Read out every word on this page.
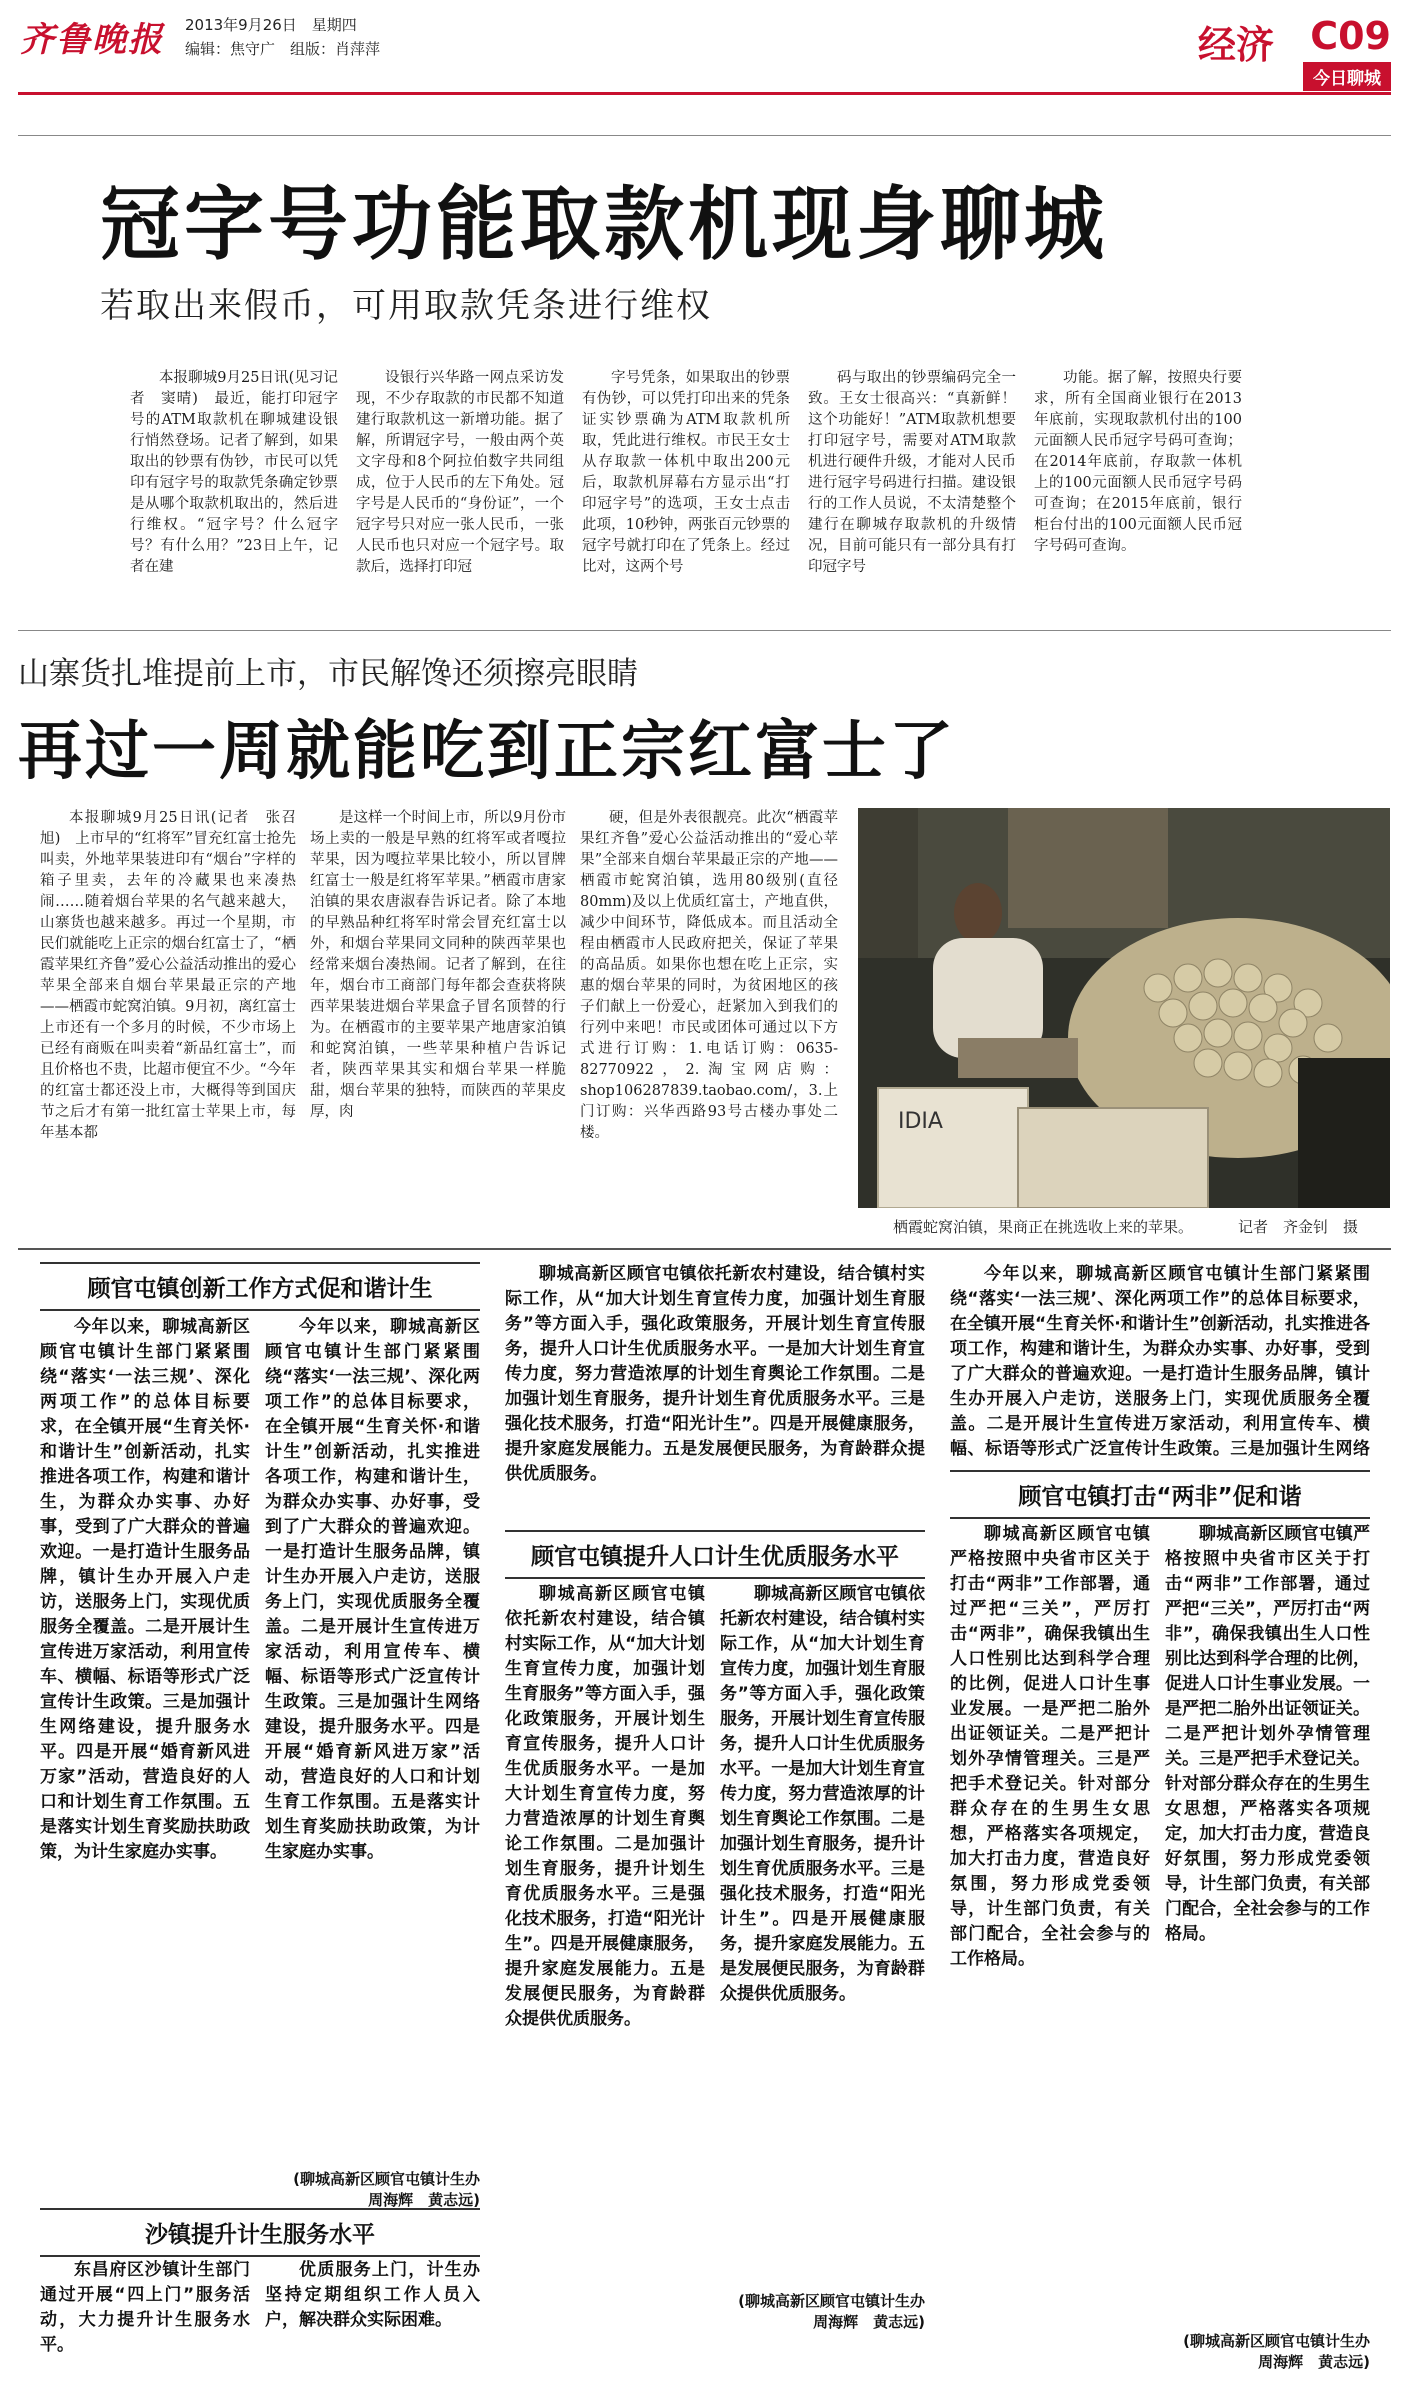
齐鲁晚报 2013年9月26日　星期四
编辑：焦守广　组版：肖萍萍	经济 C09
今日聊城
冠字号功能取款机现身聊城
若取出来假币，可用取款凭条进行维权

本报聊城9月25日讯(见习记者　窦晴)　最近，能打印冠字号的ATM取款机在聊城建设银行悄然登场。记者了解到，如果取出的钞票有伪钞，市民可以凭印有冠字号的取款凭条确定钞票是从哪个取款机取出的，然后进行维权。“冠字号？什么冠字号？有什么用？”23日上午，记者在建

设银行兴华路一网点采访发现，不少存取款的市民都不知道建行取款机这一新增功能。据了解，所谓冠字号，一般由两个英文字母和8个阿拉伯数字共同组成，位于人民币的左下角处。冠字号是人民币的“身份证”，一个冠字号只对应一张人民币，一张人民币也只对应一个冠字号。取款后，选择打印冠

字号凭条，如果取出的钞票有伪钞，可以凭打印出来的凭条证实钞票确为ATM取款机所取，凭此进行维权。市民王女士从存取款一体机中取出200元后，取款机屏幕右方显示出“打印冠字号”的选项，王女士点击此项，10秒钟，两张百元钞票的冠字号就打印在了凭条上。经过比对，这两个号

码与取出的钞票编码完全一致。王女士很高兴：“真新鲜！这个功能好！”ATM取款机想要打印冠字号，需要对ATM取款机进行硬件升级，才能对人民币进行冠字号码进行扫描。建设银行的工作人员说，不太清楚整个建行在聊城存取款机的升级情况，目前可能只有一部分具有打印冠字号

功能。据了解，按照央行要求，所有全国商业银行在2013年底前，实现取款机付出的100元面额人民币冠字号码可查询；在2014年底前，存取款一体机上的100元面额人民币冠字号码可查询；在2015年底前，银行柜台付出的100元面额人民币冠字号码可查询。

山寨货扎堆提前上市，市民解馋还须擦亮眼睛
再过一周就能吃到正宗红富士了

本报聊城9月25日讯(记者　张召旭)　上市早的“红将军”冒充红富士抢先叫卖，外地苹果装进印有“烟台”字样的箱子里卖，去年的冷藏果也来凑热闹……随着烟台苹果的名气越来越大，山寨货也越来越多。再过一个星期，市民们就能吃上正宗的烟台红富士了，“栖霞苹果红齐鲁”爱心公益活动推出的爱心苹果全部来自烟台苹果最正宗的产地——栖霞市蛇窝泊镇。9月初，离红富士上市还有一个多月的时候，不少市场上已经有商贩在叫卖着“新品红富士”，而且价格也不贵，比超市便宜不少。“今年的红富士都还没上市，大概得等到国庆节之后才有第一批红富士苹果上市，每年基本都

是这样一个时间上市，所以9月份市场上卖的一般是早熟的红将军或者嘎拉苹果，因为嘎拉苹果比较小，所以冒牌红富士一般是红将军苹果。”栖霞市唐家泊镇的果农唐淑春告诉记者。除了本地的早熟品种红将军时常会冒充红富士以外，和烟台苹果同文同种的陕西苹果也经常来烟台凑热闹。记者了解到，在往年，烟台市工商部门每年都会查获将陕西苹果装进烟台苹果盒子冒名顶替的行为。在栖霞市的主要苹果产地唐家泊镇和蛇窝泊镇，一些苹果种植户告诉记者，陕西苹果其实和烟台苹果一样脆甜，烟台苹果的独特，而陕西的苹果皮厚，肉

硬，但是外表很靓亮。此次“栖霞苹果红齐鲁”爱心公益活动推出的“爱心苹果”全部来自烟台苹果最正宗的产地——栖霞市蛇窝泊镇，选用80级别(直径80mm)及以上优质红富士，产地直供，减少中间环节，降低成本。而且活动全程由栖霞市人民政府把关，保证了苹果的高品质。如果你也想在吃上正宗，实惠的烟台苹果的同时，为贫困地区的孩子们献上一份爱心，赶紧加入到我们的行列中来吧！市民或团体可通过以下方式进行订购：1.电话订购：0635-82770922，2.淘宝网店购：shop106287839.taobao.com/，3.上门订购：兴华西路93号古楼办事处二楼。	IDIA
栖霞蛇窝泊镇，果商正在挑选收上来的苹果。	记者　齐金钊　摄
顾官屯镇创新工作方式促和谐计生

今年以来，聊城高新区顾官屯镇计生部门紧紧围绕“落实‘一法三规’、深化两项工作”的总体目标要求，在全镇开展“生育关怀·和谐计生”创新活动，扎实推进各项工作，构建和谐计生，为群众办实事、办好事，受到了广大群众的普遍欢迎。一是打造计生服务品牌，镇计生办开展入户走访，送服务上门，实现优质服务全覆盖。二是开展计生宣传进万家活动，利用宣传车、横幅、标语等形式广泛宣传计生政策。三是加强计生网络建设，提升服务水平。四是开展“婚育新风进万家”活动，营造良好的人口和计划生育工作氛围。五是落实计划生育奖励扶助政策，为计生家庭办实事。

今年以来，聊城高新区顾官屯镇计生部门紧紧围绕“落实‘一法三规’、深化两项工作”的总体目标要求，在全镇开展“生育关怀·和谐计生”创新活动，扎实推进各项工作，构建和谐计生，为群众办实事、办好事，受到了广大群众的普遍欢迎。一是打造计生服务品牌，镇计生办开展入户走访，送服务上门，实现优质服务全覆盖。二是开展计生宣传进万家活动，利用宣传车、横幅、标语等形式广泛宣传计生政策。三是加强计生网络建设，提升服务水平。四是开展“婚育新风进万家”活动，营造良好的人口和计划生育工作氛围。五是落实计划生育奖励扶助政策，为计生家庭办实事。

(聊城高新区顾官屯镇计生办　周海辉　黄志远)
沙镇提升计生服务水平

东昌府区沙镇计生部门通过开展“四上门”服务活动，大力提升计生服务水平。

优质服务上门，计生办坚持定期组织工作人员入户，解决群众实际困难。

聊城高新区顾官屯镇依托新农村建设，结合镇村实际工作，从“加大计划生育宣传力度，加强计划生育服务”等方面入手，强化政策服务，开展计划生育宣传服务，提升人口计生优质服务水平。一是加大计划生育宣传力度，努力营造浓厚的计划生育舆论工作氛围。二是加强计划生育服务，提升计划生育优质服务水平。三是强化技术服务，打造“阳光计生”。四是开展健康服务，提升家庭发展能力。五是发展便民服务，为育龄群众提供优质服务。

顾官屯镇提升人口计生优质服务水平

聊城高新区顾官屯镇依托新农村建设，结合镇村实际工作，从“加大计划生育宣传力度，加强计划生育服务”等方面入手，强化政策服务，开展计划生育宣传服务，提升人口计生优质服务水平。一是加大计划生育宣传力度，努力营造浓厚的计划生育舆论工作氛围。二是加强计划生育服务，提升计划生育优质服务水平。三是强化技术服务，打造“阳光计生”。四是开展健康服务，提升家庭发展能力。五是发展便民服务，为育龄群众提供优质服务。

聊城高新区顾官屯镇依托新农村建设，结合镇村实际工作，从“加大计划生育宣传力度，加强计划生育服务”等方面入手，强化政策服务，开展计划生育宣传服务，提升人口计生优质服务水平。一是加大计划生育宣传力度，努力营造浓厚的计划生育舆论工作氛围。二是加强计划生育服务，提升计划生育优质服务水平。三是强化技术服务，打造“阳光计生”。四是开展健康服务，提升家庭发展能力。五是发展便民服务，为育龄群众提供优质服务。

(聊城高新区顾官屯镇计生办　周海辉　黄志远)

今年以来，聊城高新区顾官屯镇计生部门紧紧围绕“落实‘一法三规’、深化两项工作”的总体目标要求，在全镇开展“生育关怀·和谐计生”创新活动，扎实推进各项工作，构建和谐计生，为群众办实事、办好事，受到了广大群众的普遍欢迎。一是打造计生服务品牌，镇计生办开展入户走访，送服务上门，实现优质服务全覆盖。二是开展计生宣传进万家活动，利用宣传车、横幅、标语等形式广泛宣传计生政策。三是加强计生网络

顾官屯镇打击“两非”促和谐

聊城高新区顾官屯镇严格按照中央省市区关于打击“两非”工作部署，通过严把“三关”，严厉打击“两非”，确保我镇出生人口性别比达到科学合理的比例，促进人口计生事业发展。一是严把二胎外出证领证关。二是严把计划外孕情管理关。三是严把手术登记关。针对部分群众存在的生男生女思想，严格落实各项规定，加大打击力度，营造良好氛围，努力形成党委领导，计生部门负责，有关部门配合，全社会参与的工作格局。

聊城高新区顾官屯镇严格按照中央省市区关于打击“两非”工作部署，通过严把“三关”，严厉打击“两非”，确保我镇出生人口性别比达到科学合理的比例，促进人口计生事业发展。一是严把二胎外出证领证关。二是严把计划外孕情管理关。三是严把手术登记关。针对部分群众存在的生男生女思想，严格落实各项规定，加大打击力度，营造良好氛围，努力形成党委领导，计生部门负责，有关部门配合，全社会参与的工作格局。

(聊城高新区顾官屯镇计生办　周海辉　黄志远)
